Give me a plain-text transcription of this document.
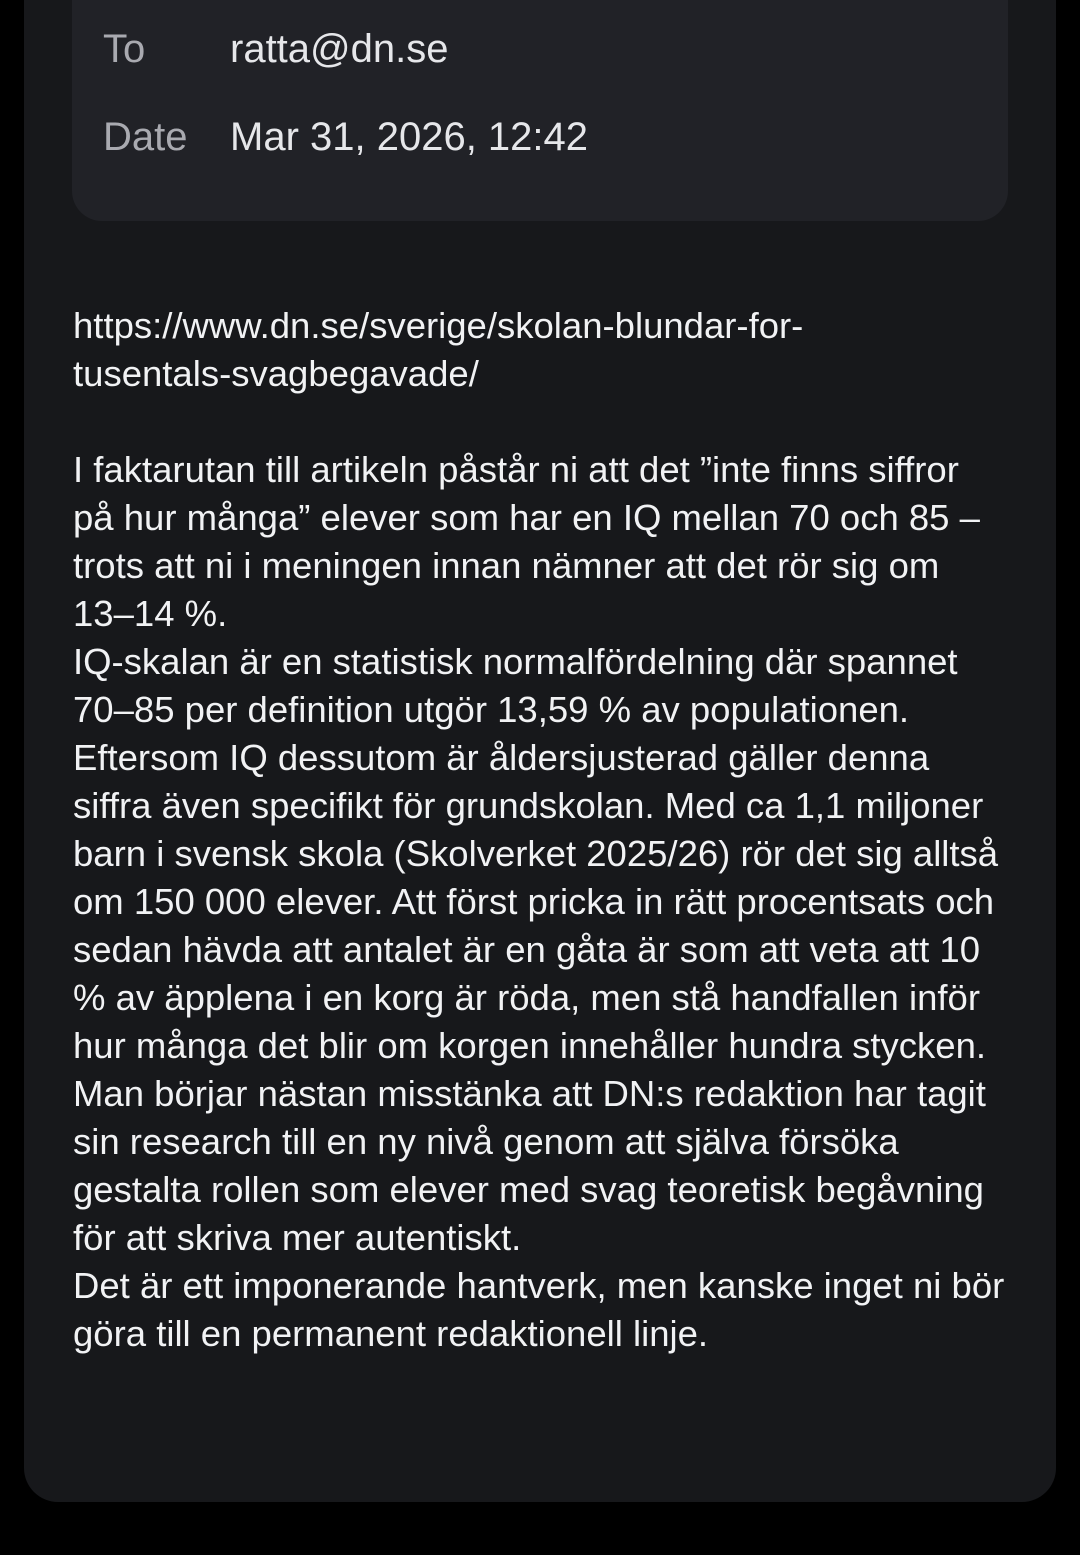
To ratta@dn.se
Date Mar 31, 2026, 12:42

https://www.dn.se/sverige/skolan-blundar-for-
tusentals-svagbegavade/

I faktarutan till artikeln påstår ni att det ”inte finns siffror på hur många” elever som har en IQ mellan 70 och 85 – trots att ni i meningen innan nämner att det rör sig om 13–14 %.

IQ-skalan är en statistisk normalfördelning där spannet 70–85 per definition utgör 13,59 % av populationen. Eftersom IQ dessutom är åldersjusterad gäller denna siffra även specifikt för grundskolan. Med ca 1,1 miljoner barn i svensk skola (Skolverket 2025/26) rör det sig alltså om 150 000 elever. Att först pricka in rätt procentsats och sedan hävda att antalet är en gåta är som att veta att 10 % av äpplena i en korg är röda, men stå handfallen inför hur många det blir om korgen innehåller hundra stycken.

Man börjar nästan misstänka att DN:s redaktion har tagit sin research till en ny nivå genom att själva försöka gestalta rollen som elever med svag teoretisk begåvning för att skriva mer autentiskt.

Det är ett imponerande hantverk, men kanske inget ni bör göra till en permanent redaktionell linje.
